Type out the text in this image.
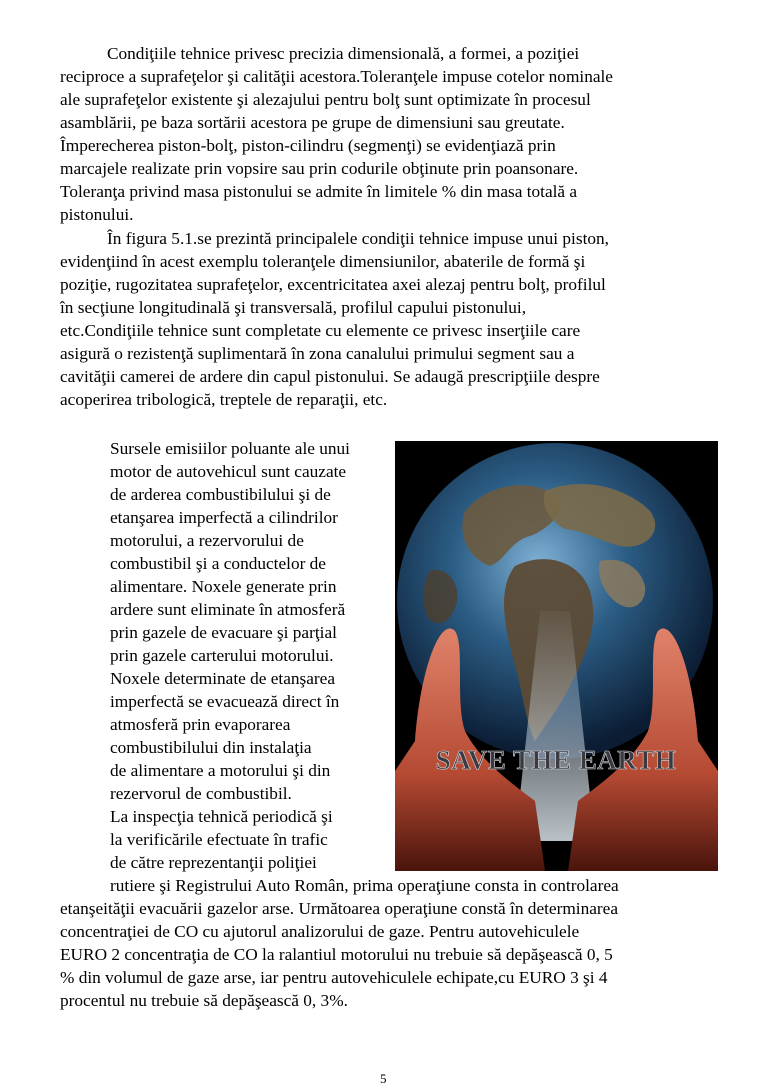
Condiţiile tehnice privesc precizia dimensională, a formei, a poziţiei
reciproce a suprafeţelor şi calităţii acestora.Toleranţele impuse cotelor nominale
ale suprafeţelor existente şi alezajului pentru bolţ sunt optimizate în procesul
asamblării, pe baza sortării acestora pe grupe de dimensiuni sau greutate.
Împerecherea piston-bolţ, piston-cilindru (segmenţi) se evidenţiază prin
marcajele realizate prin vopsire sau prin codurile obţinute prin poansonare.
Toleranţa privind masa pistonului se admite în limitele % din masa totală a
pistonului.
În figura 5.1.se prezintă principalele condiţii tehnice impuse unui piston,
evidenţiind în acest exemplu toleranţele dimensiunilor, abaterile de formă şi
poziţie, rugozitatea suprafeţelor, excentricitatea axei alezaj pentru bolţ, profilul
în secţiune longitudinală şi transversală, profilul capului pistonului,
etc.Condiţiile tehnice sunt completate cu elemente ce privesc inserţiile care
asigură o rezistenţă suplimentară în zona canalului primului segment sau a
cavităţii camerei de ardere din capul pistonului. Se adaugă prescripţiile despre
acoperirea tribologică, treptele de reparaţii, etc.
Sursele emisiilor poluante ale unui
motor de autovehicul sunt cauzate
de arderea combustibilului şi de
etanşarea imperfectă a cilindrilor
motorului, a rezervorului de
combustibil şi a conductelor de
alimentare. Noxele generate prin
ardere sunt eliminate în atmosferă
prin gazele de evacuare şi parţial
prin gazele carterului motorului.
Noxele determinate de etanşarea
imperfectă se evacuează direct în
atmosferă prin evaporarea
combustibilului din instalaţia
de alimentare a motorului şi din
rezervorul de combustibil.
La inspecţia tehnică periodică şi
la verificările efectuate în trafic
de către reprezentanţii poliţiei
rutiere şi Registrului Auto Român, prima operaţiune consta in controlarea
etanşeităţii evacuării gazelor arse. Următoarea operaţiune constă în determinarea
concentraţiei de CO cu ajutorul analizorului de gaze. Pentru autovehiculele
EURO 2 concentraţia de CO la ralantiul motorului nu trebuie să depăşească 0, 5
% din volumul de gaze arse, iar pentru autovehiculele echipate,cu EURO 3 şi 4
procentul nu trebuie să depăşească 0, 3%.
SAVE THE EARTH
5
